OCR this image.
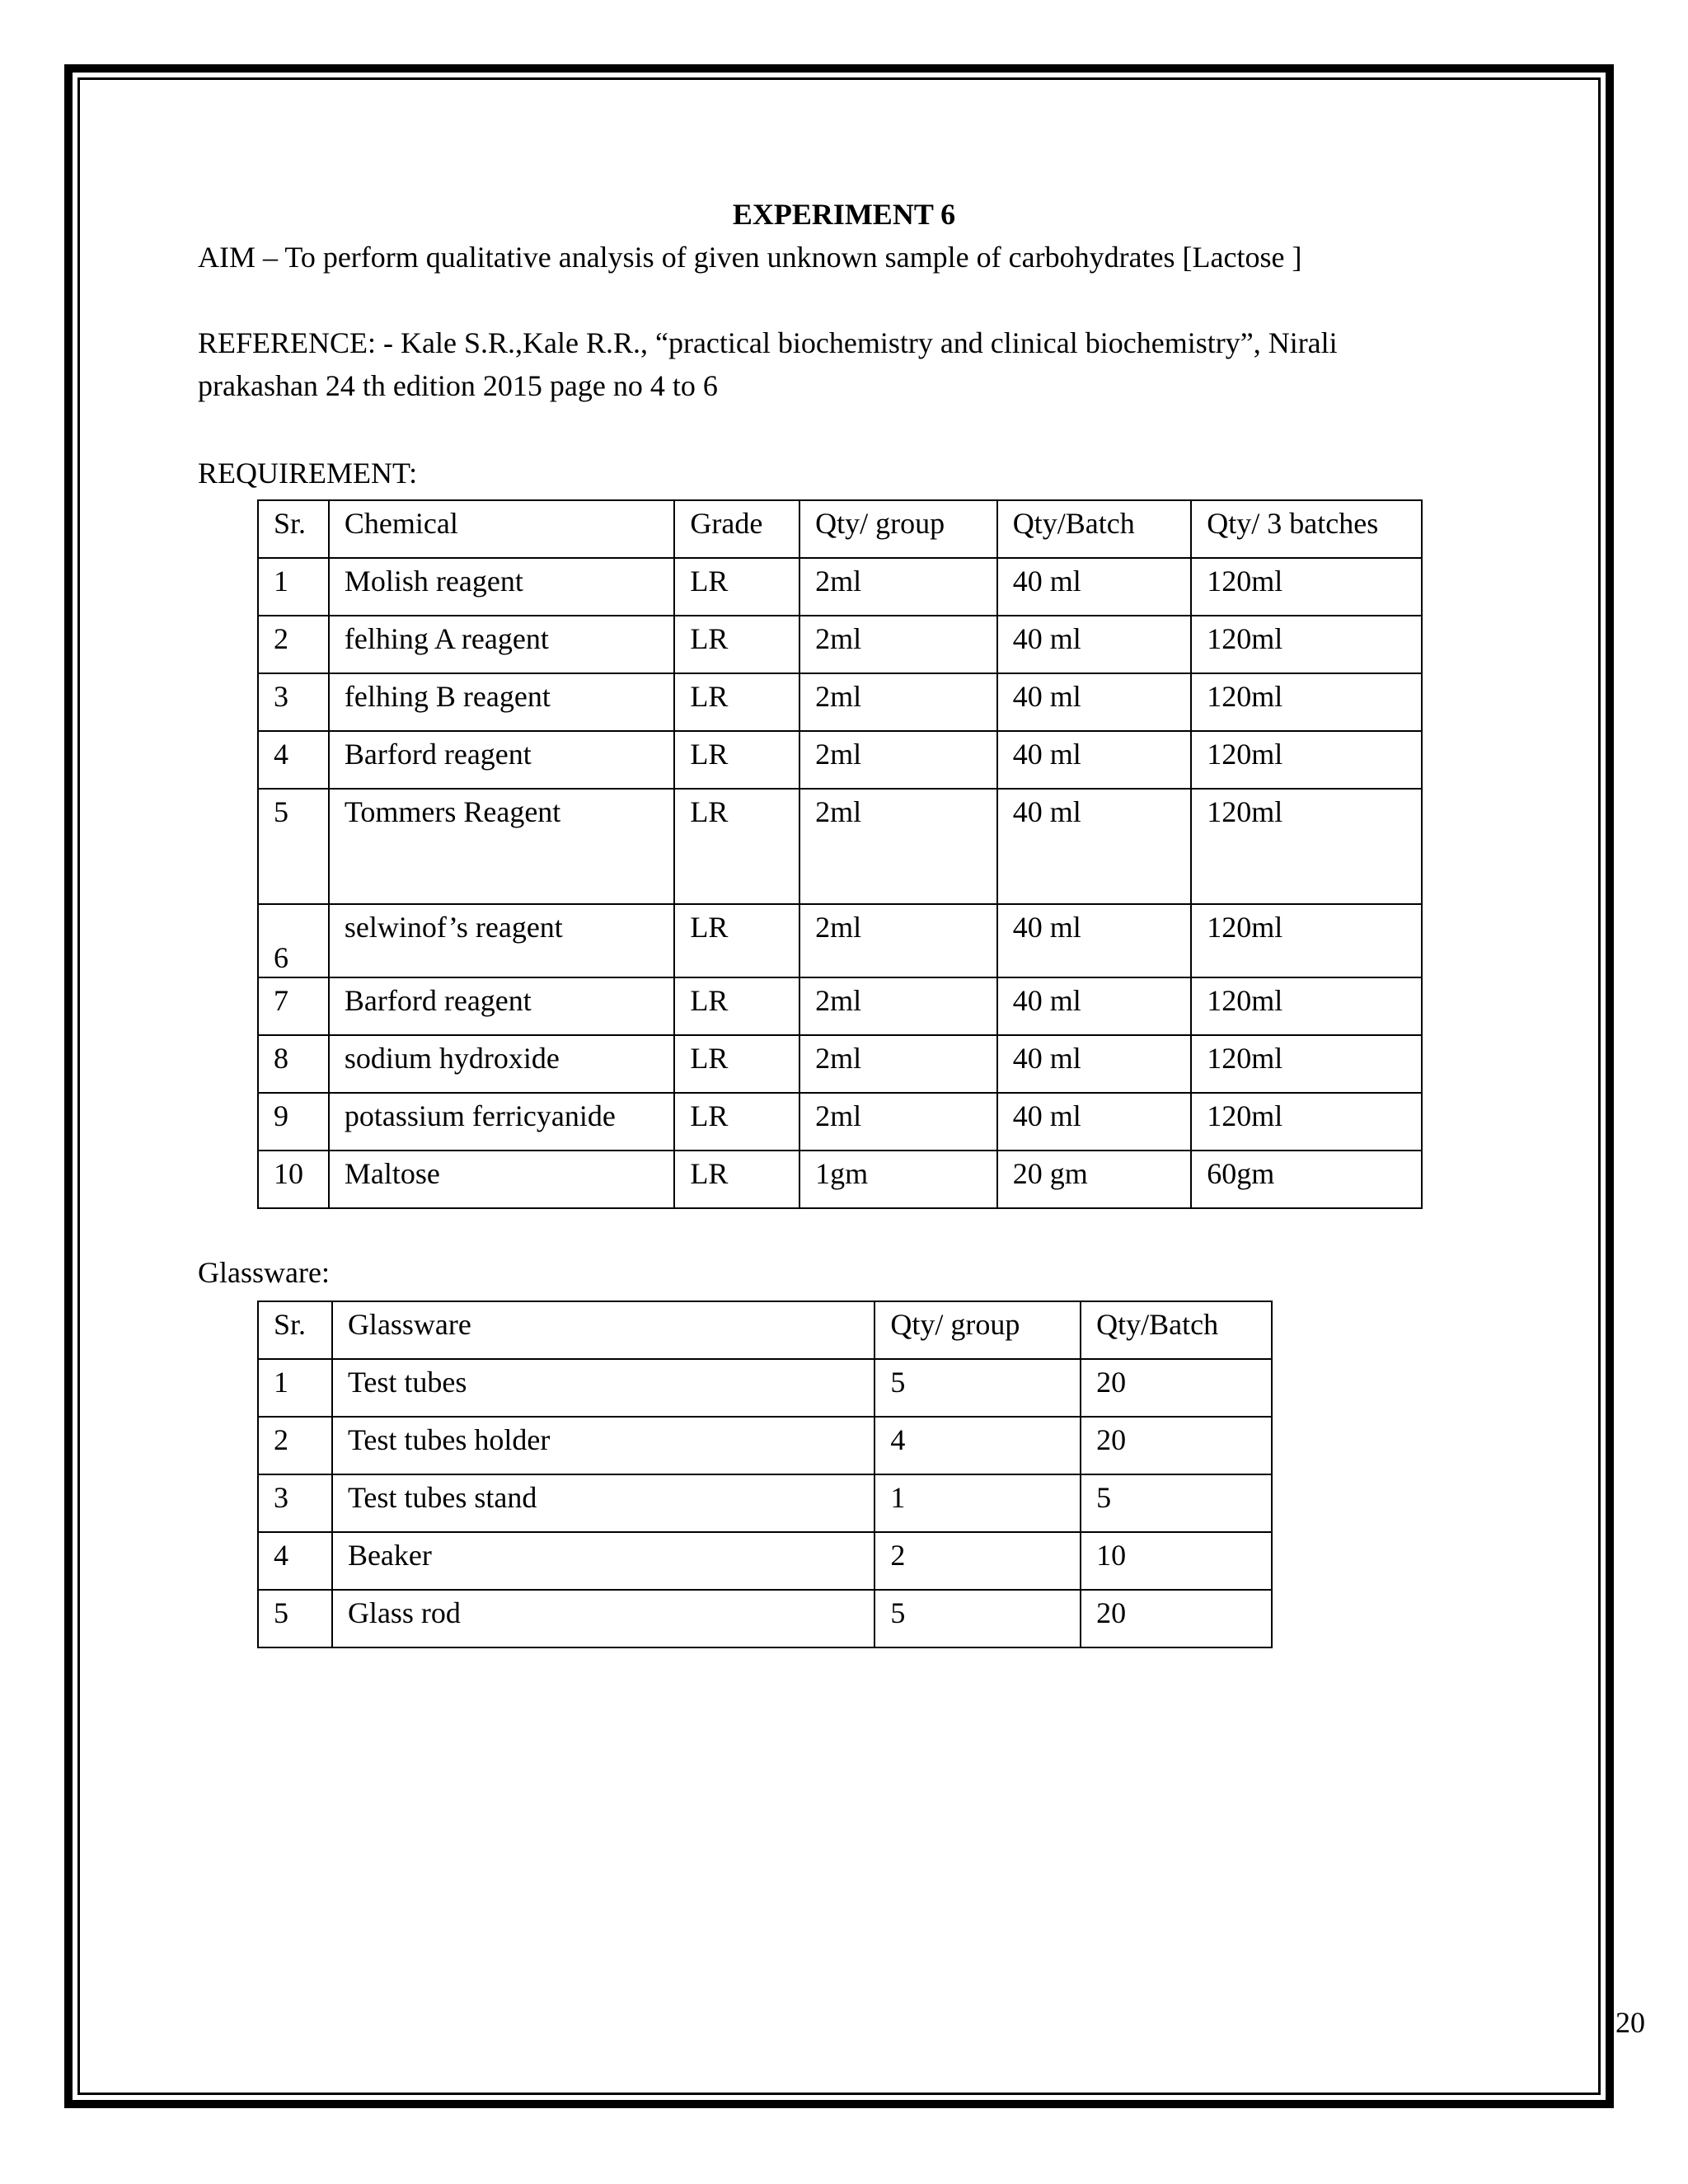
EXPERIMENT 6
AIM – To perform qualitative analysis of given unknown sample of carbohydrates [Lactose ]
REFERENCE: - Kale S.R.,Kale R.R., “practical biochemistry and clinical biochemistry”, Nirali
prakashan 24 th edition 2015 page no 4 to 6
REQUIREMENT:
Sr.	Chemical	Grade	Qty/ group	Qty/Batch	Qty/ 3 batches
1	Molish reagent	LR	2ml	40 ml	120ml
2	felhing A reagent	LR	2ml	40 ml	120ml
3	felhing B reagent	LR	2ml	40 ml	120ml
4	Barford reagent	LR	2ml	40 ml	120ml
5	Tommers Reagent	LR	2ml	40 ml	120ml
6	selwinof’s reagent	LR	2ml	40 ml	120ml
7	Barford reagent	LR	2ml	40 ml	120ml
8	sodium hydroxide	LR	2ml	40 ml	120ml
9	potassium ferricyanide	LR	2ml	40 ml	120ml
10	Maltose	LR	1gm	20 gm	60gm
Glassware:
Sr.	Glassware	Qty/ group	Qty/Batch
1	Test tubes	5	20
2	Test tubes holder	4	20
3	Test tubes stand	1	5
4	Beaker	2	10
5	Glass rod	5	20
20
